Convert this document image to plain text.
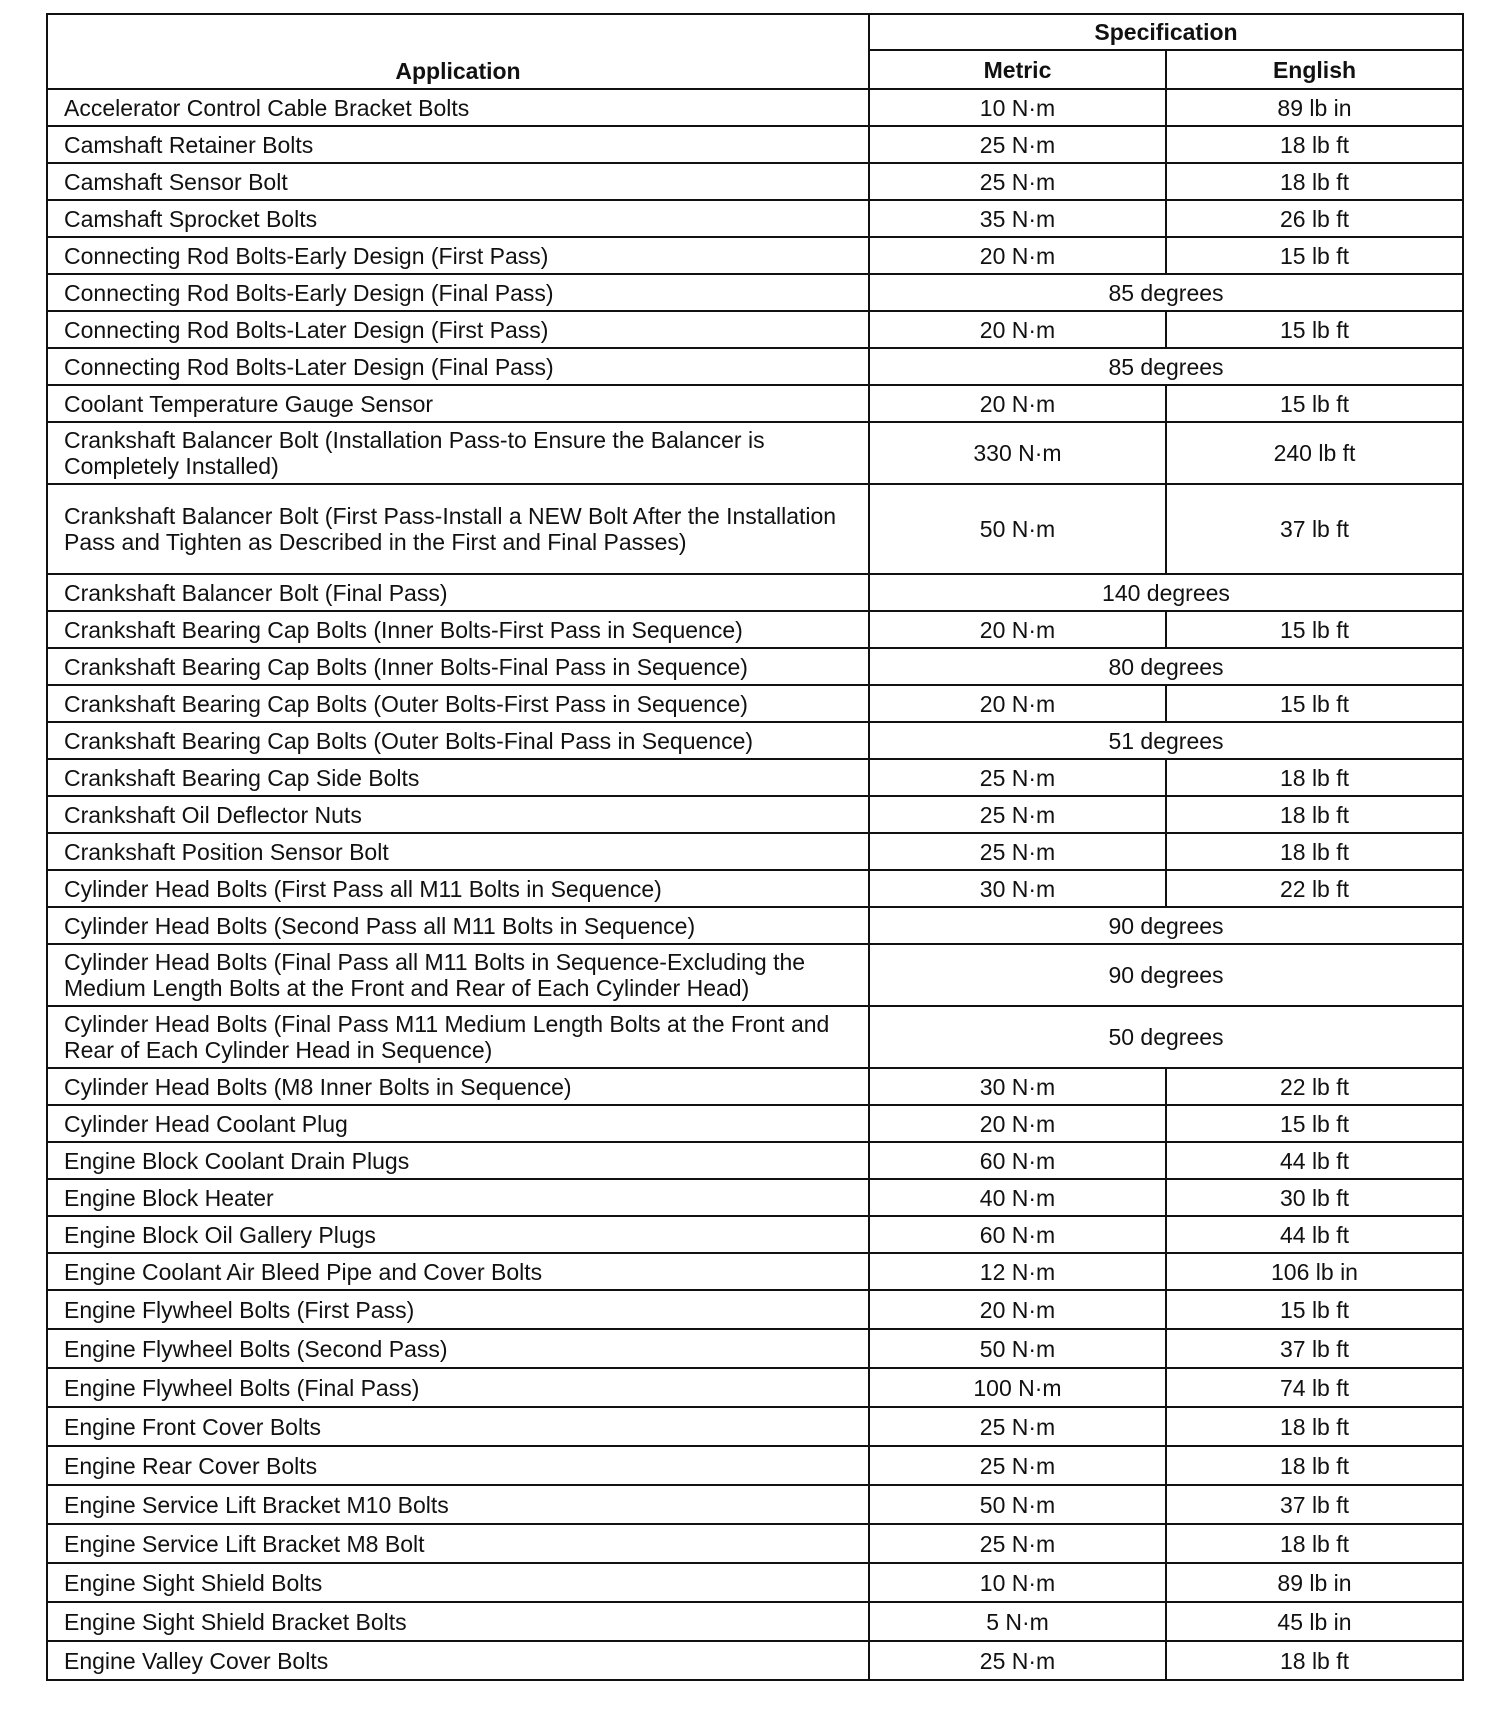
Application	Specification	
	Metric	English
Accelerator Control Cable Bracket Bolts	10 N·m	89 lb in
Camshaft Retainer Bolts	25 N·m	18 lb ft
Camshaft Sensor Bolt	25 N·m	18 lb ft
Camshaft Sprocket Bolts	35 N·m	26 lb ft
Connecting Rod Bolts-Early Design (First Pass)	20 N·m	15 lb ft
Connecting Rod Bolts-Early Design (Final Pass)	85 degrees	
Connecting Rod Bolts-Later Design (First Pass)	20 N·m	15 lb ft
Connecting Rod Bolts-Later Design (Final Pass)	85 degrees	
Coolant Temperature Gauge Sensor	20 N·m	15 lb ft
Crankshaft Balancer Bolt (Installation Pass-to Ensure the Balancer is Completely Installed)	330 N·m	240 lb ft
Crankshaft Balancer Bolt (First Pass-Install a NEW Bolt After the Installation Pass and Tighten as Described in the First and Final Passes)	50 N·m	37 lb ft
Crankshaft Balancer Bolt (Final Pass)	140 degrees	
Crankshaft Bearing Cap Bolts (Inner Bolts-First Pass in Sequence)	20 N·m	15 lb ft
Crankshaft Bearing Cap Bolts (Inner Bolts-Final Pass in Sequence)	80 degrees	
Crankshaft Bearing Cap Bolts (Outer Bolts-First Pass in Sequence)	20 N·m	15 lb ft
Crankshaft Bearing Cap Bolts (Outer Bolts-Final Pass in Sequence)	51 degrees	
Crankshaft Bearing Cap Side Bolts	25 N·m	18 lb ft
Crankshaft Oil Deflector Nuts	25 N·m	18 lb ft
Crankshaft Position Sensor Bolt	25 N·m	18 lb ft
Cylinder Head Bolts (First Pass all M11 Bolts in Sequence)	30 N·m	22 lb ft
Cylinder Head Bolts (Second Pass all M11 Bolts in Sequence)	90 degrees	
Cylinder Head Bolts (Final Pass all M11 Bolts in Sequence-Excluding the Medium Length Bolts at the Front and Rear of Each Cylinder Head)	90 degrees	
Cylinder Head Bolts (Final Pass M11 Medium Length Bolts at the Front and Rear of Each Cylinder Head in Sequence)	50 degrees	
Cylinder Head Bolts (M8 Inner Bolts in Sequence)	30 N·m	22 lb ft
Cylinder Head Coolant Plug	20 N·m	15 lb ft
Engine Block Coolant Drain Plugs	60 N·m	44 lb ft
Engine Block Heater	40 N·m	30 lb ft
Engine Block Oil Gallery Plugs	60 N·m	44 lb ft
Engine Coolant Air Bleed Pipe and Cover Bolts	12 N·m	106 lb in
Engine Flywheel Bolts (First Pass)	20 N·m	15 lb ft
Engine Flywheel Bolts (Second Pass)	50 N·m	37 lb ft
Engine Flywheel Bolts (Final Pass)	100 N·m	74 lb ft
Engine Front Cover Bolts	25 N·m	18 lb ft
Engine Rear Cover Bolts	25 N·m	18 lb ft
Engine Service Lift Bracket M10 Bolts	50 N·m	37 lb ft
Engine Service Lift Bracket M8 Bolt	25 N·m	18 lb ft
Engine Sight Shield Bolts	10 N·m	89 lb in
Engine Sight Shield Bracket Bolts	5 N·m	45 lb in
Engine Valley Cover Bolts	25 N·m	18 lb ft
